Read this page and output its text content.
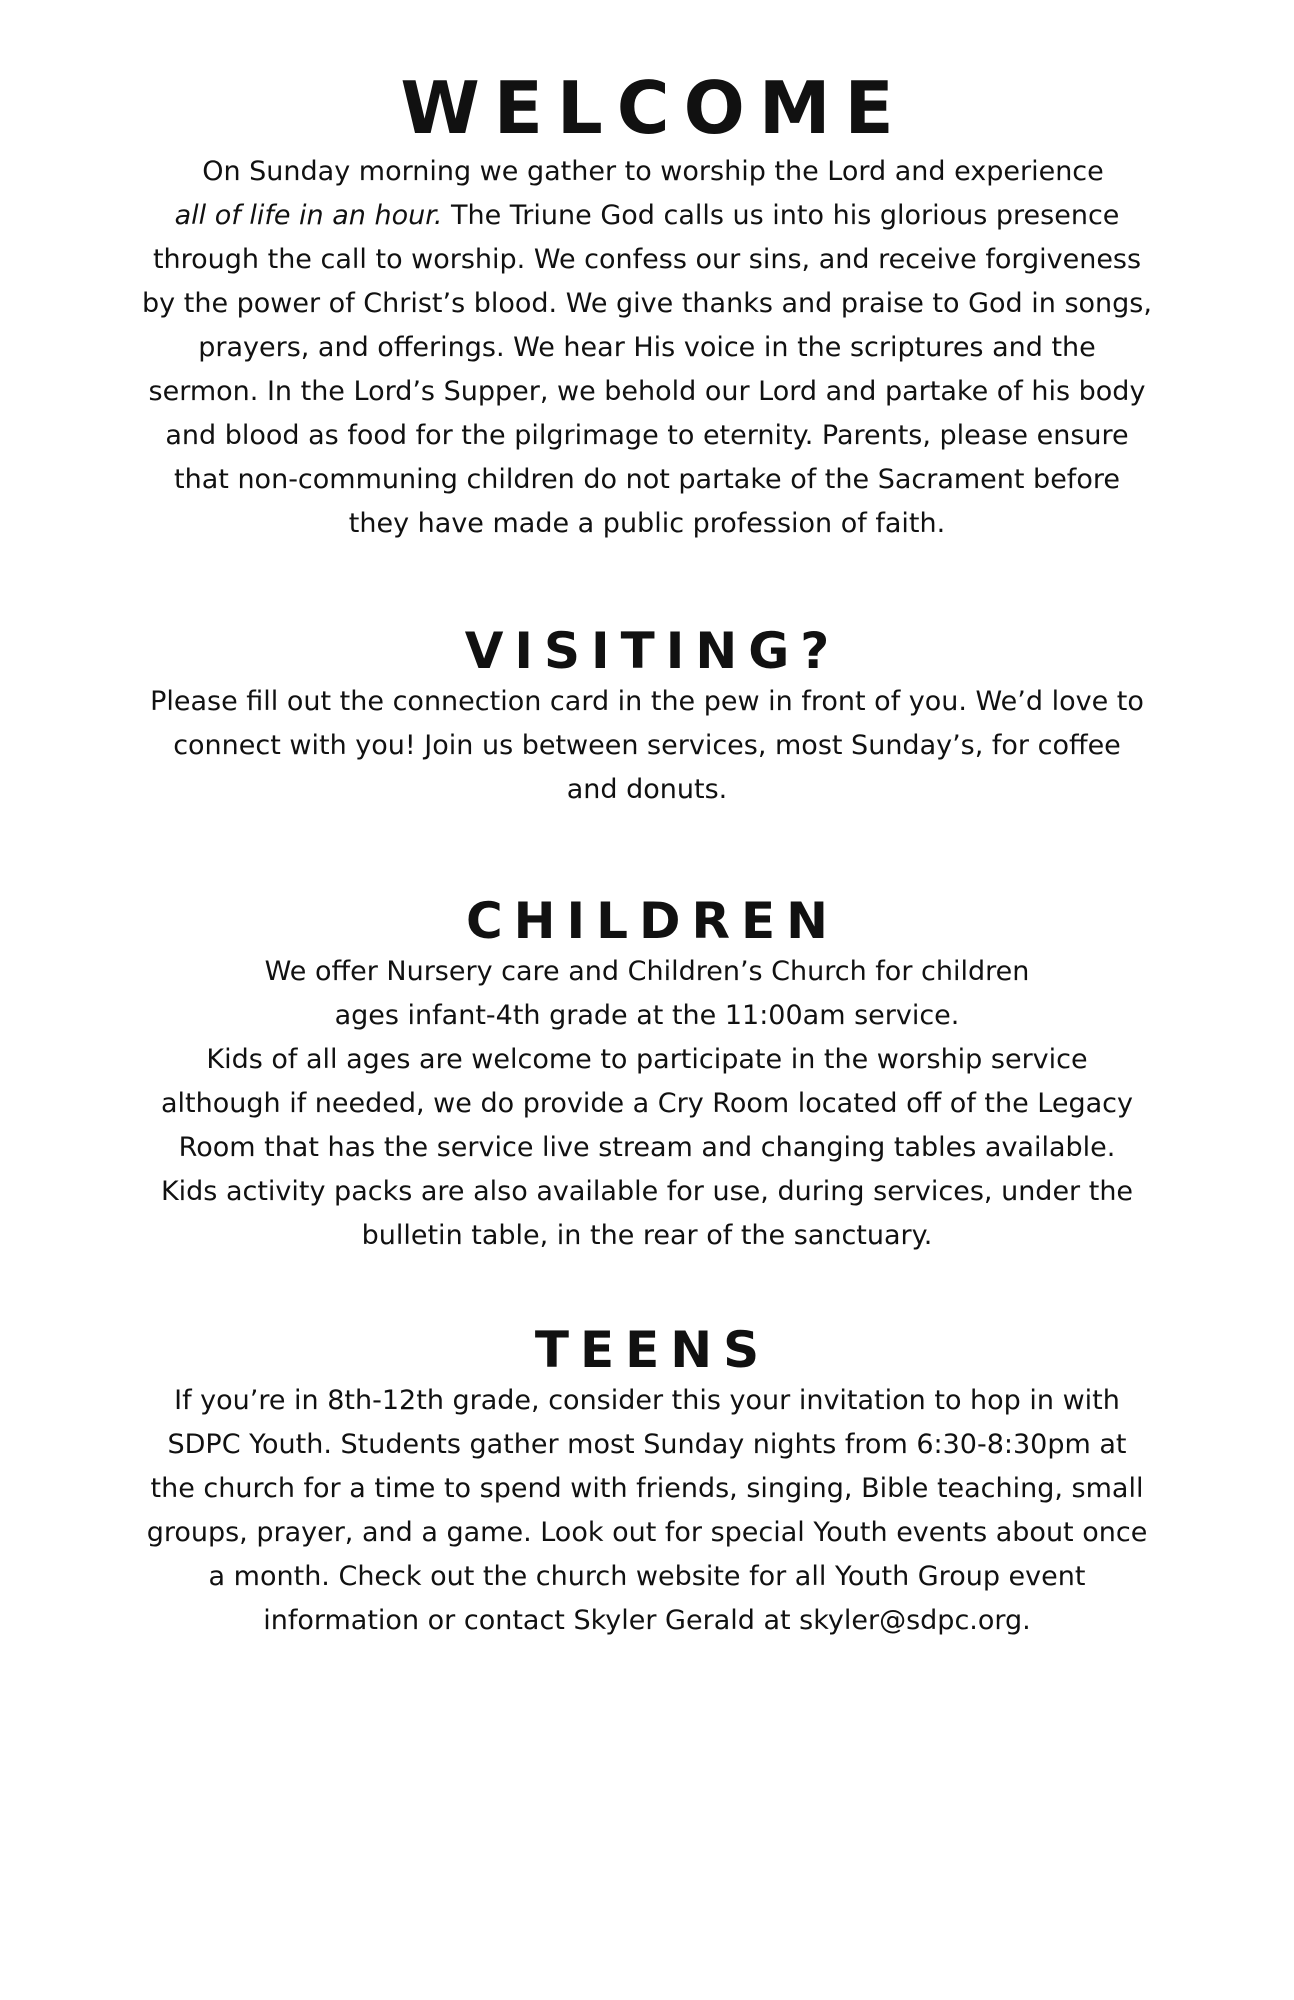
WELCOME

On Sunday morning we gather to worship the Lord and experience
all of life in an hour. The Triune God calls us into his glorious presence
through the call to worship. We confess our sins, and receive forgiveness
by the power of Christ’s blood. We give thanks and praise to God in songs,
prayers, and offerings. We hear His voice in the scriptures and the
sermon. In the Lord’s Supper, we behold our Lord and partake of his body
and blood as food for the pilgrimage to eternity. Parents, please ensure
that non-communing children do not partake of the Sacrament before
they have made a public profession of faith.

VISITING?

Please fill out the connection card in the pew in front of you. We’d love to
connect with you! Join us between services, most Sunday’s, for coffee
and donuts.

CHILDREN

We offer Nursery care and Children’s Church for children
ages infant-4th grade at the 11:00am service.
Kids of all ages are welcome to participate in the worship service
although if needed, we do provide a Cry Room located off of the Legacy
Room that has the service live stream and changing tables available.
Kids activity packs are also available for use, during services, under the
bulletin table, in the rear of the sanctuary.

TEENS

If you’re in 8th-12th grade, consider this your invitation to hop in with
SDPC Youth. Students gather most Sunday nights from 6:30-8:30pm at
the church for a time to spend with friends, singing, Bible teaching, small
groups, prayer, and a game. Look out for special Youth events about once
a month. Check out the church website for all Youth Group event
information or contact Skyler Gerald at skyler@sdpc.org.
